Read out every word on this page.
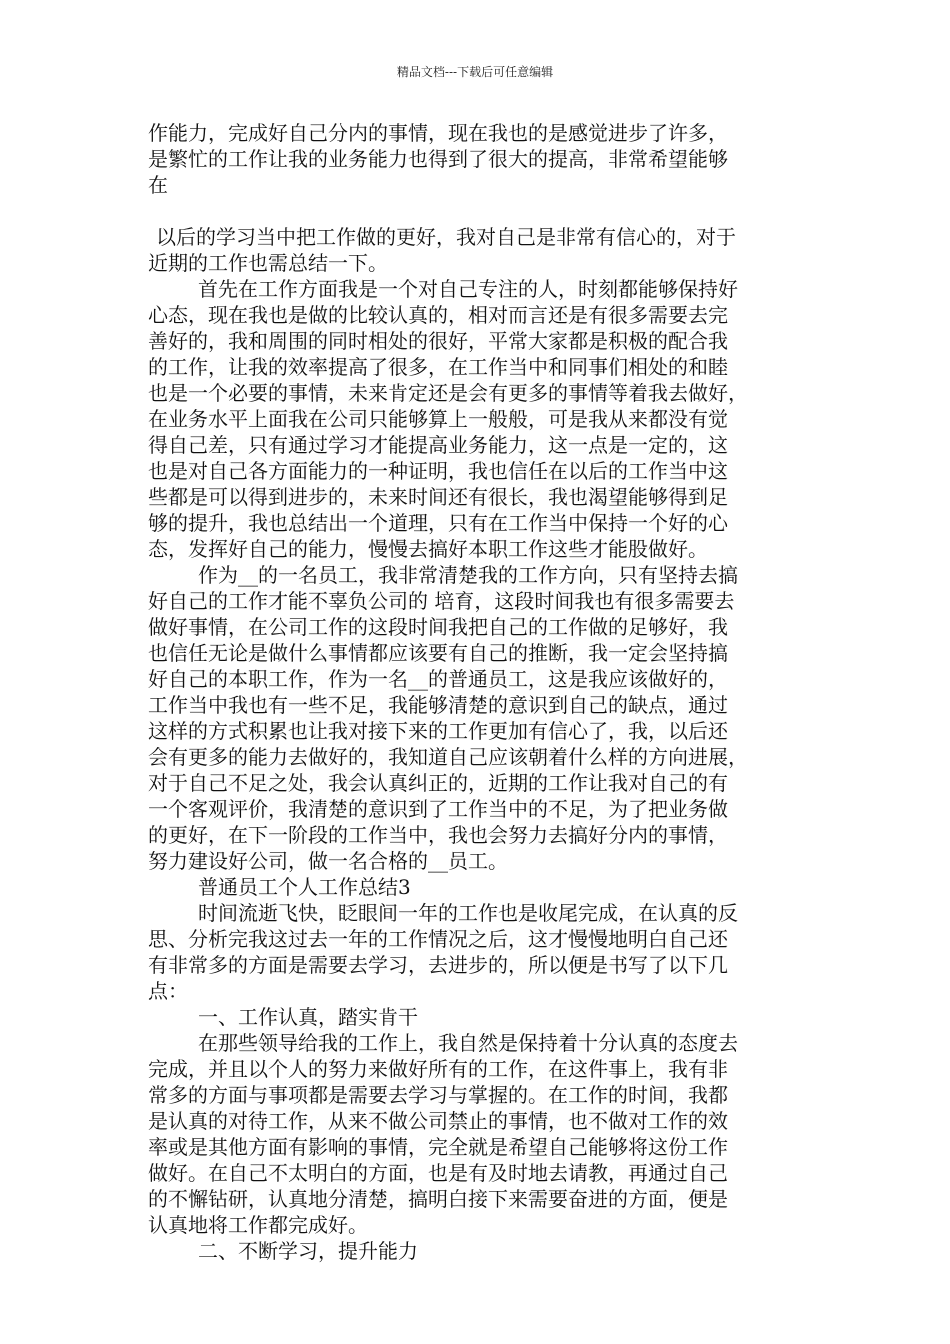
精品文档---下载后可任意编辑
作能力，完成好自己分内的事情，现在我也的是感觉进步了许多，
是繁忙的工作让我的业务能力也得到了很大的提高，非常希望能够
在
以后的学习当中把工作做的更好，我对自己是非常有信心的，对于
近期的工作也需总结一下。
首先在工作方面我是一个对自己专注的人，时刻都能够保持好
心态，现在我也是做的比较认真的，相对而言还是有很多需要去完
善好的，我和周围的同时相处的很好，平常大家都是积极的配合我
的工作，让我的效率提高了很多，在工作当中和同事们相处的和睦
也是一个必要的事情，未来肯定还是会有更多的事情等着我去做好，
在业务水平上面我在公司只能够算上一般般，可是我从来都没有觉
得自己差，只有通过学习才能提高业务能力，这一点是一定的，这
也是对自己各方面能力的一种证明，我也信任在以后的工作当中这
些都是可以得到进步的，未来时间还有很长，我也渴望能够得到足
够的提升，我也总结出一个道理，只有在工作当中保持一个好的心
态，发挥好自己的能力，慢慢去搞好本职工作这些才能股做好。
作为__的一名员工，我非常清楚我的工作方向，只有坚持去搞
好自己的工作才能不辜负公司的 培育，这段时间我也有很多需要去
做好事情，在公司工作的这段时间我把自己的工作做的足够好，我
也信任无论是做什么事情都应该要有自己的推断，我一定会坚持搞
好自己的本职工作，作为一名__的普通员工，这是我应该做好的，
工作当中我也有一些不足，我能够清楚的意识到自己的缺点，通过
这样的方式积累也让我对接下来的工作更加有信心了，我，以后还
会有更多的能力去做好的，我知道自己应该朝着什么样的方向进展，
对于自己不足之处，我会认真纠正的，近期的工作让我对自己的有
一个客观评价，我清楚的意识到了工作当中的不足，为了把业务做
的更好，在下一阶段的工作当中，我也会努力去搞好分内的事情，
努力建设好公司，做一名合格的__员工。
普通员工个人工作总结3
时间流逝飞快，眨眼间一年的工作也是收尾完成，在认真的反
思、分析完我这过去一年的工作情况之后，这才慢慢地明白自己还
有非常多的方面是需要去学习，去进步的，所以便是书写了以下几
点：
一、工作认真，踏实肯干
在那些领导给我的工作上，我自然是保持着十分认真的态度去
完成，并且以个人的努力来做好所有的工作，在这件事上，我有非
常多的方面与事项都是需要去学习与掌握的。在工作的时间，我都
是认真的对待工作，从来不做公司禁止的事情，也不做对工作的效
率或是其他方面有影响的事情，完全就是希望自己能够将这份工作
做好。在自己不太明白的方面，也是有及时地去请教，再通过自己
的不懈钻研，认真地分清楚，搞明白接下来需要奋进的方面，便是
认真地将工作都完成好。
二、不断学习，提升能力
